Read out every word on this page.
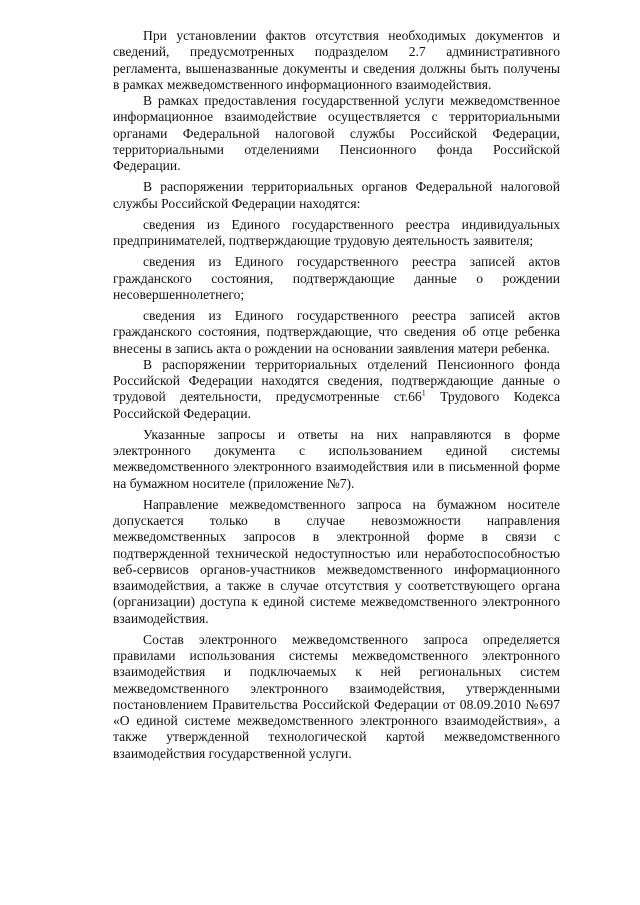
При установлении фактов отсутствия необходимых документов и сведений, предусмотренных подразделом 2.7 административного регламента, вышеназванные документы и сведения должны быть получены в рамках межведомственного информационного взаимодействия.

В рамках предоставления государственной услуги межведомственное информационное взаимодействие осуществляется с территориальными органами Федеральной налоговой службы Российской Федерации, территориальными отделениями Пенсионного фонда Российской Федерации.

В распоряжении территориальных органов Федеральной налоговой службы Российской Федерации находятся:

сведения из Единого государственного реестра индивидуальных предпринимателей, подтверждающие трудовую деятельность заявителя;

сведения из Единого государственного реестра записей актов гражданского состояния, подтверждающие данные о рождении несовершеннолетнего;

сведения из Единого государственного реестра записей актов гражданского состояния, подтверждающие, что сведения об отце ребенка внесены в запись акта о рождении на основании заявления матери ребенка.

В распоряжении территориальных отделений Пенсионного фонда Российской Федерации находятся сведения, подтверждающие данные о трудовой деятельности, предусмотренные $ст.66^1$ Трудового Кодекса Российской Федерации.

Указанные запросы и ответы на них направляются в форме электронного документа с использованием единой системы межведомственного электронного взаимодействия или в письменной форме на бумажном носителе (приложение №7).

Направление межведомственного запроса на бумажном носителе допускается только в случае невозможности направления межведомственных запросов в электронной форме в связи с подтвержденной технической недоступностью или неработоспособностью веб-сервисов органов-участников межведомственного информационного взаимодействия, а также в случае отсутствия у соответствующего органа (организации) доступа к единой системе межведомственного электронного взаимодействия.

Состав электронного межведомственного запроса определяется правилами использования системы межведомственного электронного взаимодействия и подключаемых к ней региональных систем межведомственного электронного взаимодействия, утвержденными постановлением Правительства Российской Федерации от 08.09.2010 №697 «О единой системе межведомственного электронного взаимодействия», а также утвержденной технологической картой межведомственного взаимодействия государственной услуги.
